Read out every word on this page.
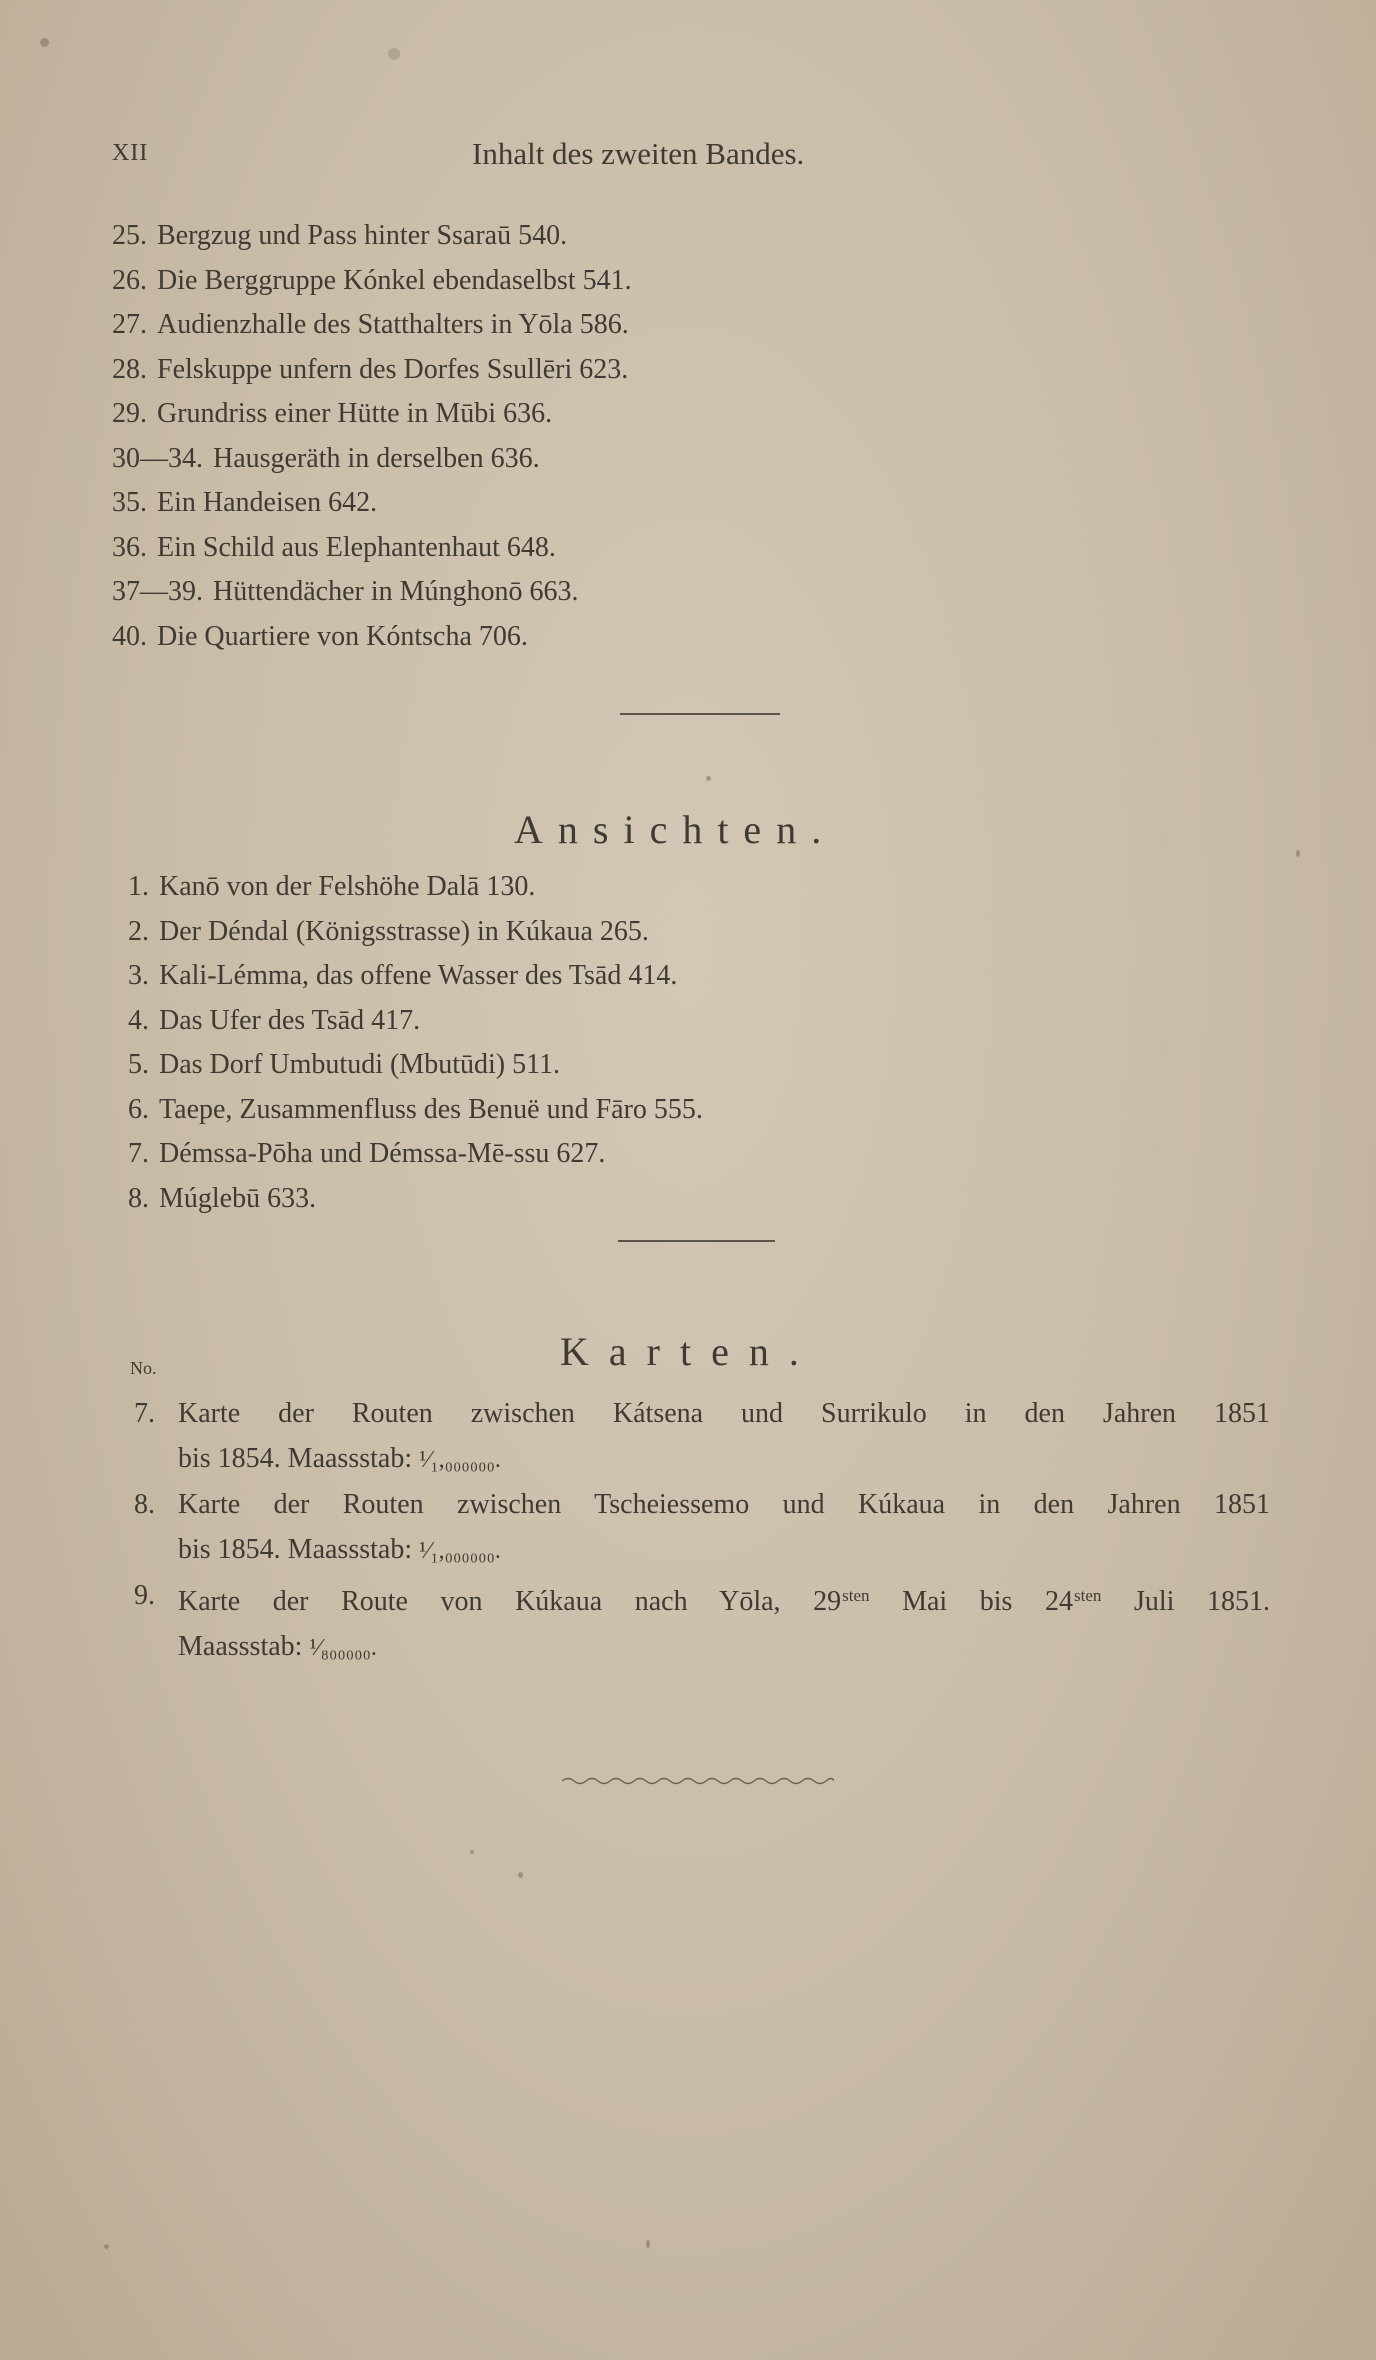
XII	Inhalt des zweiten Bandes.
25. Bergzug und Pass hinter Ssaraū 540.
26. Die Berggruppe Kónkel ebendaselbst 541.
27. Audienzhalle des Statthalters in Yōla 586.
28. Felskuppe unfern des Dorfes Ssullēri 623.
29. Grundriss einer Hütte in Mūbi 636.
30—34. Hausgeräth in derselben 636.
35. Ein Handeisen 642.
36. Ein Schild aus Elephantenhaut 648.
37—39. Hüttendächer in Múnghonō 663.
40. Die Quartiere von Kóntscha 706.
Ansichten.
1. Kanō von der Felshöhe Dalā 130.
2. Der Déndal (Königsstrasse) in Kúkaua 265.
3. Kali-Lémma, das offene Wasser des Tsād 414.
4. Das Ufer des Tsād 417.
5. Das Dorf Umbutudi (Mbutūdi) 511.
6. Taepe, Zusammenfluss des Benuë und Fāro 555.
7. Démssa-Pōha und Démssa-Mē-ssu 627.
8. Múglebū 633.
No.	Karten.
7. Karte der Routen zwischen Kátsena und Surrikulo in den Jahren 1851
bis 1854. Maassstab: ¹⁄₁,₀₀₀₀₀₀.
8. Karte der Routen zwischen Tscheiessemo und Kúkaua in den Jahren 1851
bis 1854. Maassstab: ¹⁄₁,₀₀₀₀₀₀.
9. Karte der Route von Kúkaua nach Yōla, $29^{sten}$ Mai bis $24^{sten}$ Juli 1851.
Maassstab: ¹⁄₈₀₀₀₀₀.
